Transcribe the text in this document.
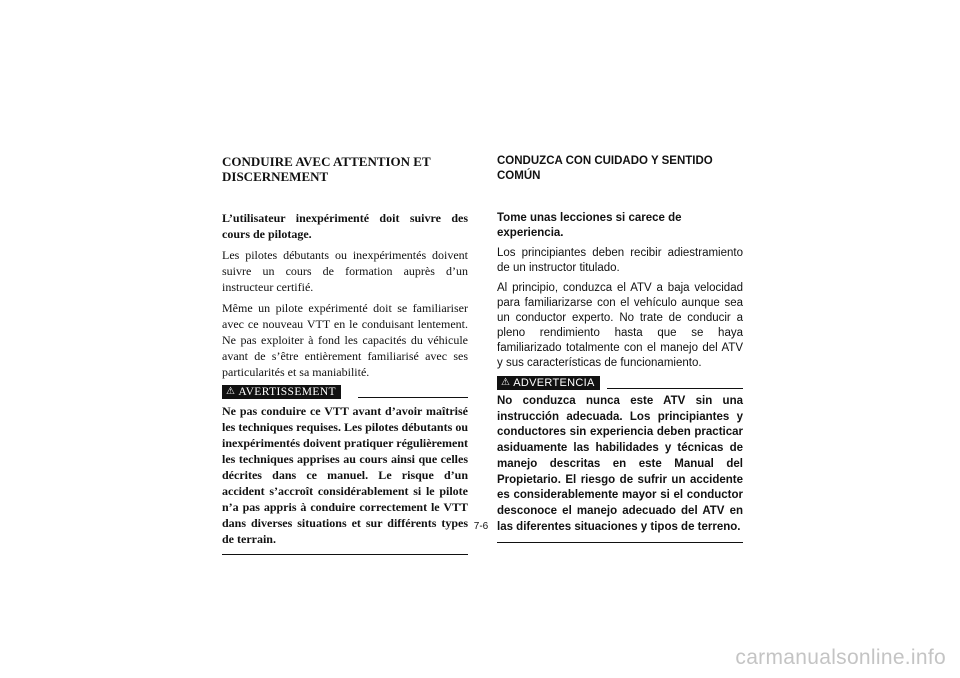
CONDUIRE AVEC ATTENTION ET DISCERNEMENT

L’utilisateur inexpérimenté doit suivre des cours de pilotage.

Les pilotes débutants ou inexpérimentés doivent suivre un cours de formation auprès d’un instructeur certifié.

Même un pilote expérimenté doit se familiariser avec ce nouveau VTT en le conduisant lentement. Ne pas exploiter à fond les capacités du véhicule avant de s’être entièrement familiarisé avec ses particularités et sa maniabilité.

⚠ AVERTISSEMENT

Ne pas conduire ce VTT avant d’avoir maîtrisé les techniques requises. Les pilotes débutants ou inexpérimentés doivent pratiquer régulièrement les techniques apprises au cours ainsi que celles décrites dans ce manuel. Le risque d’un accident s’accroît considérablement si le pilote n’a pas appris à conduire correctement le VTT dans diverses situations et sur différents types de terrain.

CONDUZCA CON CUIDADO Y SENTIDO COMÚN

Tome unas lecciones si carece de experiencia.

Los principiantes deben recibir adiestramiento de un instructor titulado.

Al principio, conduzca el ATV a baja velocidad para familiarizarse con el vehículo aunque sea un conductor experto. No trate de conducir a pleno rendimiento hasta que se haya familiarizado totalmente con el manejo del ATV y sus características de funcionamiento.

⚠ ADVERTENCIA

No conduzca nunca este ATV sin una instrucción adecuada. Los principiantes y conductores sin experiencia deben practicar asiduamente las habilidades y técnicas de manejo descritas en este Manual del Propietario. El riesgo de sufrir un accidente es considerablemente mayor si el conductor desconoce el manejo adecuado del ATV en las diferentes situaciones y tipos de terreno.

7-6
carmanualsonline.info
